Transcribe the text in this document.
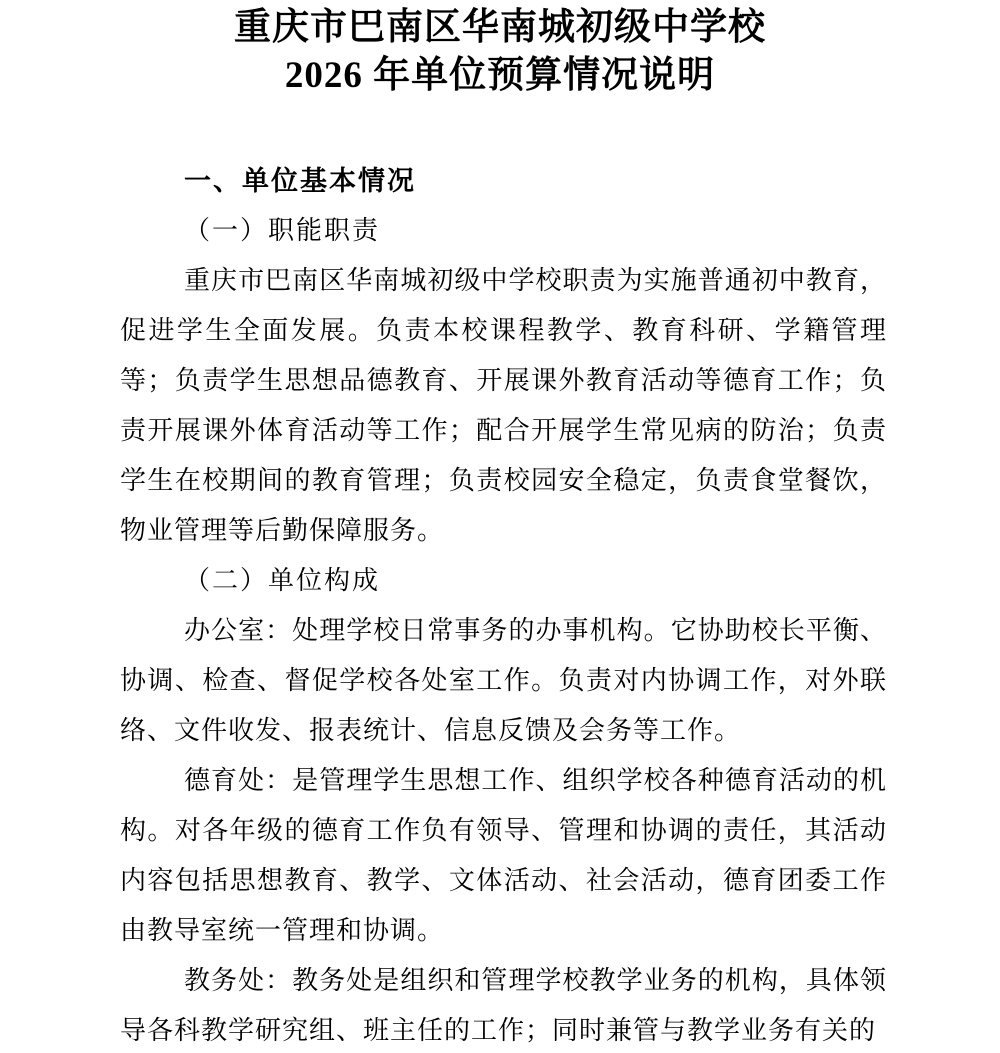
重庆市巴南区华南城初级中学校
2026 年单位预算情况说明
一、单位基本情况
（一）职能职责

重庆市巴南区华南城初级中学校职责为实施普通初中教育，促进学生全面发展。负责本校课程教学、教育科研、学籍管理等；负责学生思想品德教育、开展课外教育活动等德育工作；负责开展课外体育活动等工作；配合开展学生常见病的防治；负责学生在校期间的教育管理；负责校园安全稳定，负责食堂餐饮，物业管理等后勤保障服务。

（二）单位构成

办公室：处理学校日常事务的办事机构。它协助校长平衡、协调、检查、督促学校各处室工作。负责对内协调工作，对外联络、文件收发、报表统计、信息反馈及会务等工作。

德育处：是管理学生思想工作、组织学校各种德育活动的机构。对各年级的德育工作负有领导、管理和协调的责任，其活动内容包括思想教育、教学、文体活动、社会活动，德育团委工作由教导室统一管理和协调。

教务处：教务处是组织和管理学校教学业务的机构，具体领导各科教学研究组、班主任的工作；同时兼管与教学业务有关的
